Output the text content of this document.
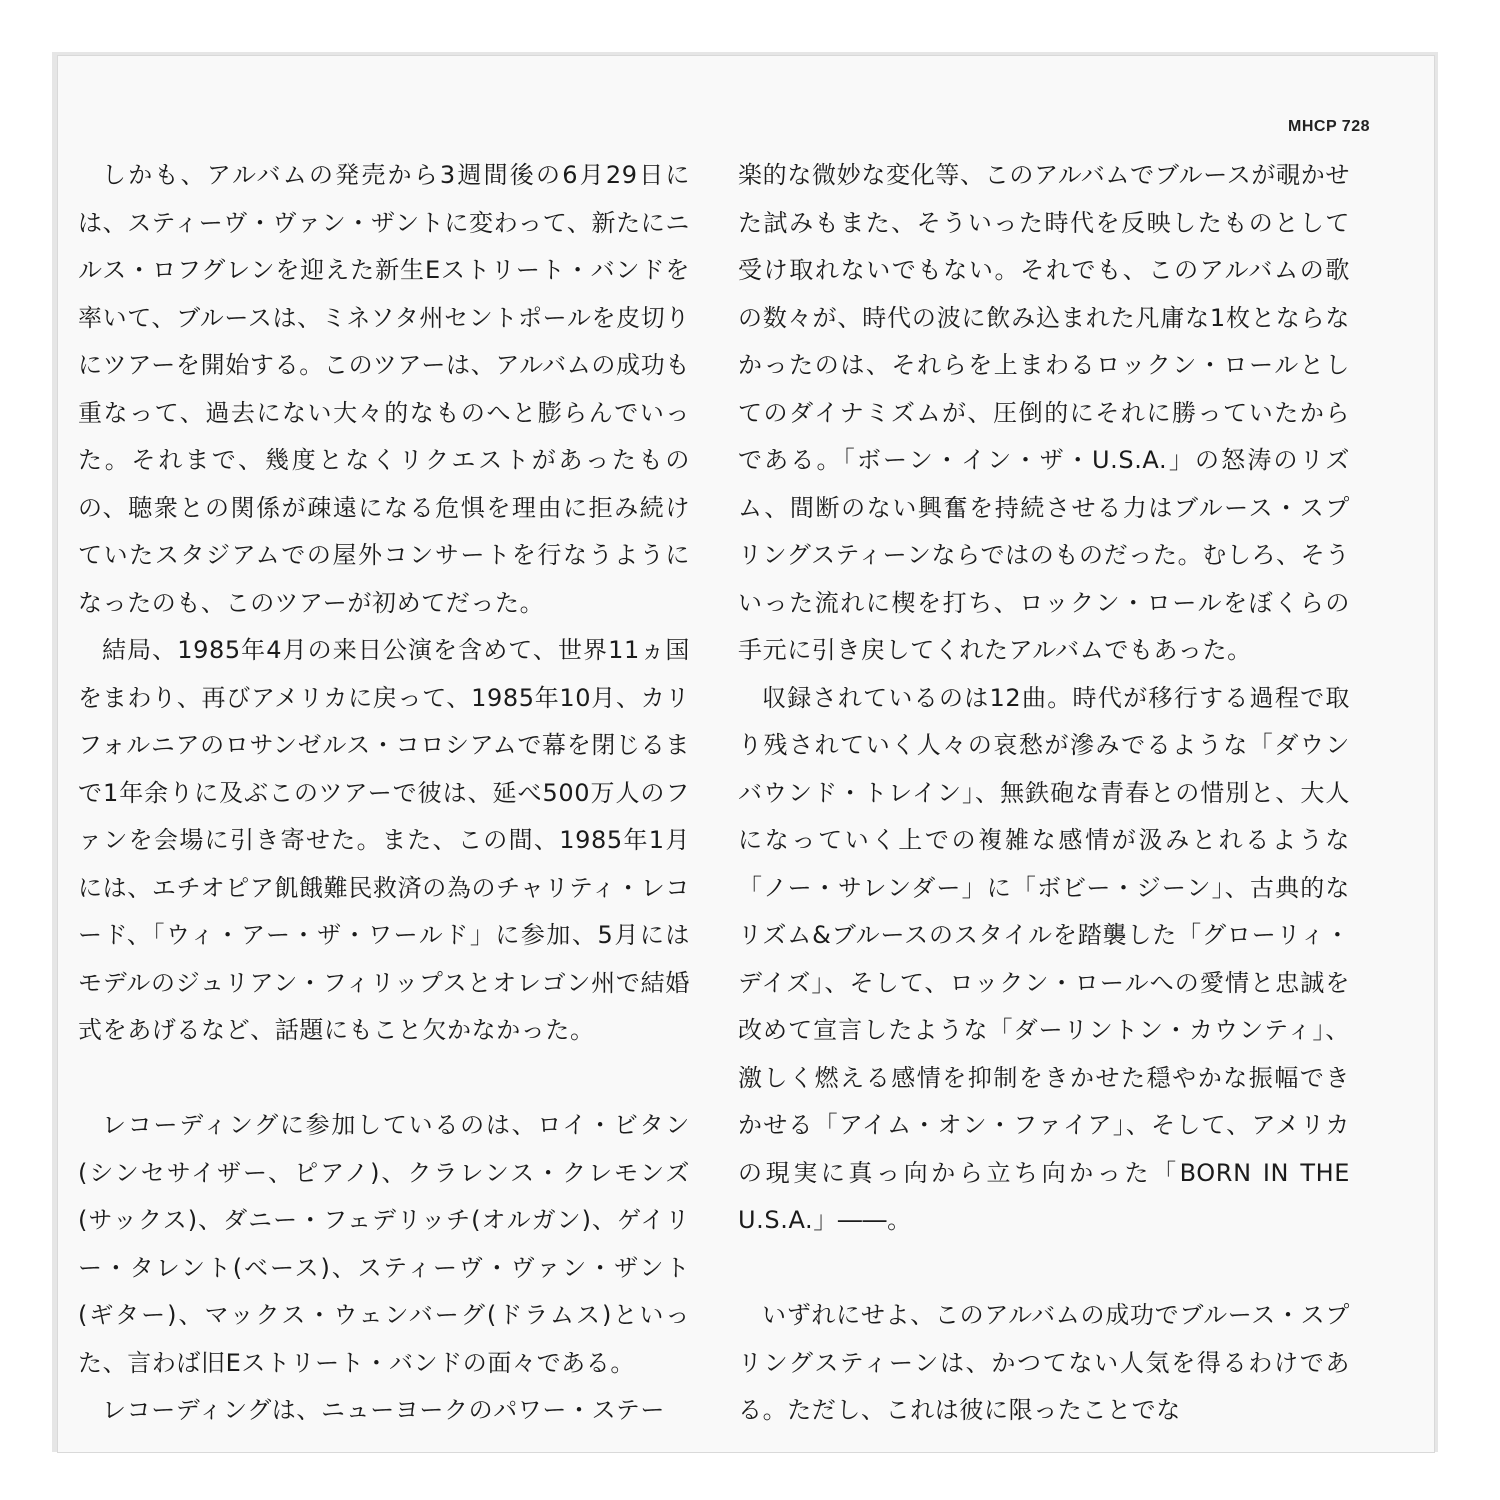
MHCP 728

しかも、アルバムの発売から3週間後の6月29日には、スティーヴ・ヴァン・ザントに変わって、新たにニルス・ロフグレンを迎えた新生Eストリート・バンドを率いて、ブルースは、ミネソタ州セントポールを皮切りにツアーを開始する。このツアーは、アルバムの成功も重なって、過去にない大々的なものへと膨らんでいった。それまで、幾度となくリクエストがあったものの、聴衆との関係が疎遠になる危惧を理由に拒み続けていたスタジアムでの屋外コンサートを行なうようになったのも、このツアーが初めてだった。

結局、1985年4月の来日公演を含めて、世界11ヵ国をまわり、再びアメリカに戻って、1985年10月、カリフォルニアのロサンゼルス・コロシアムで幕を閉じるまで1年余りに及ぶこのツアーで彼は、延べ500万人のファンを会場に引き寄せた。また、この間、1985年1月には、エチオピア飢餓難民救済の為のチャリティ・レコード、「ウィ・アー・ザ・ワールド」に参加、5月にはモデルのジュリアン・フィリップスとオレゴン州で結婚式をあげるなど、話題にもこと欠かなかった。

レコーディングに参加しているのは、ロイ・ビタン(シンセサイザー、ピアノ)、クラレンス・クレモンズ(サックス)、ダニー・フェデリッチ(オルガン)、ゲイリー・タレント(ベース)、スティーヴ・ヴァン・ザント(ギター)、マックス・ウェンバーグ(ドラムス)といった、言わば旧Eストリート・バンドの面々である。

レコーディングは、ニューヨークのパワー・ステー

楽的な微妙な変化等、このアルバムでブルースが覗かせた試みもまた、そういった時代を反映したものとして受け取れないでもない。それでも、このアルバムの歌の数々が、時代の波に飲み込まれた凡庸な1枚とならなかったのは、それらを上まわるロックン・ロールとしてのダイナミズムが、圧倒的にそれに勝っていたからである。「ボーン・イン・ザ・U.S.A.」の怒涛のリズム、間断のない興奮を持続させる力はブルース・スプリングスティーンならではのものだった。むしろ、そういった流れに楔を打ち、ロックン・ロールをぼくらの手元に引き戻してくれたアルバムでもあった。

収録されているのは12曲。時代が移行する過程で取り残されていく人々の哀愁が滲みでるような「ダウンバウンド・トレイン」、無鉄砲な青春との惜別と、大人になっていく上での複雑な感情が汲みとれるような「ノー・サレンダー」に「ボビー・ジーン」、古典的なリズム&ブルースのスタイルを踏襲した「グローリィ・デイズ」、そして、ロックン・ロールへの愛情と忠誠を改めて宣言したような「ダーリントン・カウンティ」、激しく燃える感情を抑制をきかせた穏やかな振幅できかせる「アイム・オン・ファイア」、そして、アメリカの現実に真っ向から立ち向かった「BORN IN THE U.S.A.」――。

いずれにせよ、このアルバムの成功でブルース・スプリングスティーンは、かつてない人気を得るわけである。ただし、これは彼に限ったことでな
